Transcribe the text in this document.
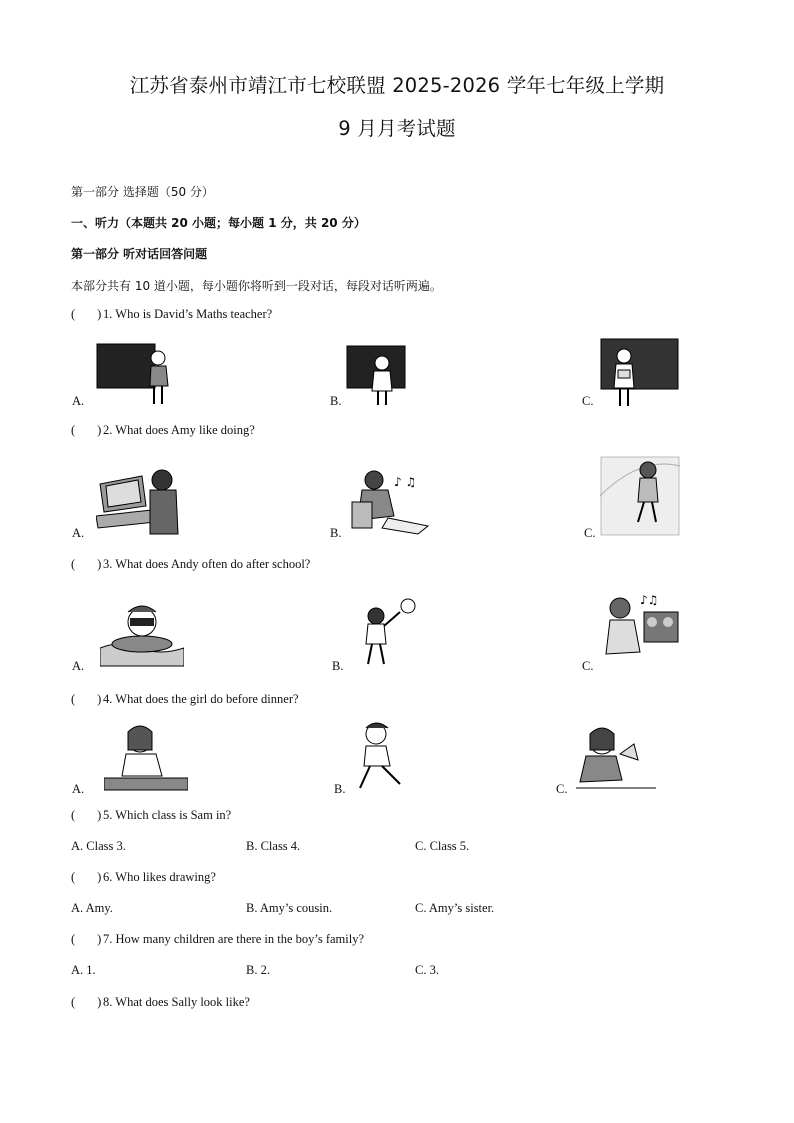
江苏省泰州市靖江市七校联盟 2025-2026 学年七年级上学期
9 月月考试题
第一部分 选择题（50 分）
一、听力（本题共 20 小题；每小题 1 分，共 20 分）
第一部分 听对话回答问题
本部分共有 10 道小题，每小题你将听到一段对话，每段对话听两遍。
( ) 1. Who is David’s Maths teacher?
A.	B.	C.
( ) 2. What does Amy like doing?
A.	B.	C.
♪ ♫
( ) 3. What does Andy often do after school?
A.	B.	C.
♪♫
( ) 4. What does the girl do before dinner?
A.	B.	C.
( ) 5. Which class is Sam in?
A. Class 3.	B. Class 4.	C. Class 5.
( ) 6. Who likes drawing?
A. Amy.	B. Amy’s cousin.	C. Amy’s sister.
( ) 7. How many children are there in the boy’s family?
A. 1.	B. 2.	C. 3.
( ) 8. What does Sally look like?
